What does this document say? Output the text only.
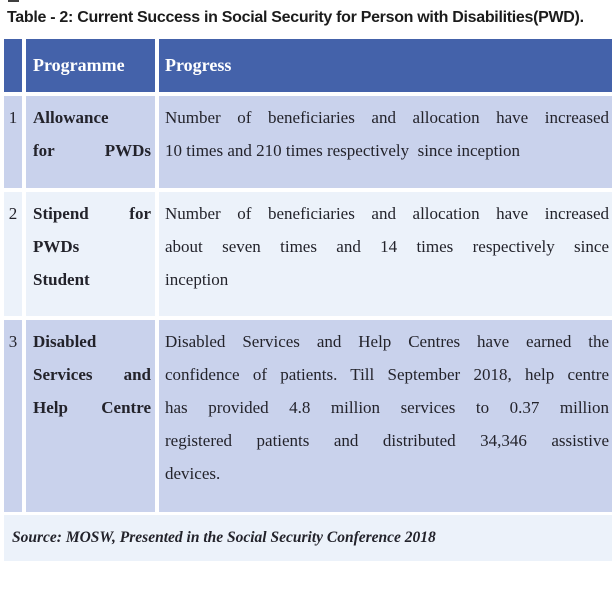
Table - 2: Current Success in Social Security for Person with Disabilities(PWD).
Programme	Progress
1 Allowance
for PWDs
Number of beneficiaries and allocation have increased
10 times and 210 times respectively  since inception
2 Stipend for
PWDs
Student
Number of beneficiaries and allocation have increased
about seven times and 14 times respectively since
inception
3 Disabled
Services and
Help Centre
Disabled Services and Help Centres have earned the
confidence of patients. Till September 2018, help centre
has provided 4.8 million services to 0.37 million
registered patients and distributed 34,346 assistive
devices.
Source: MOSW, Presented in the Social Security Conference 2018
